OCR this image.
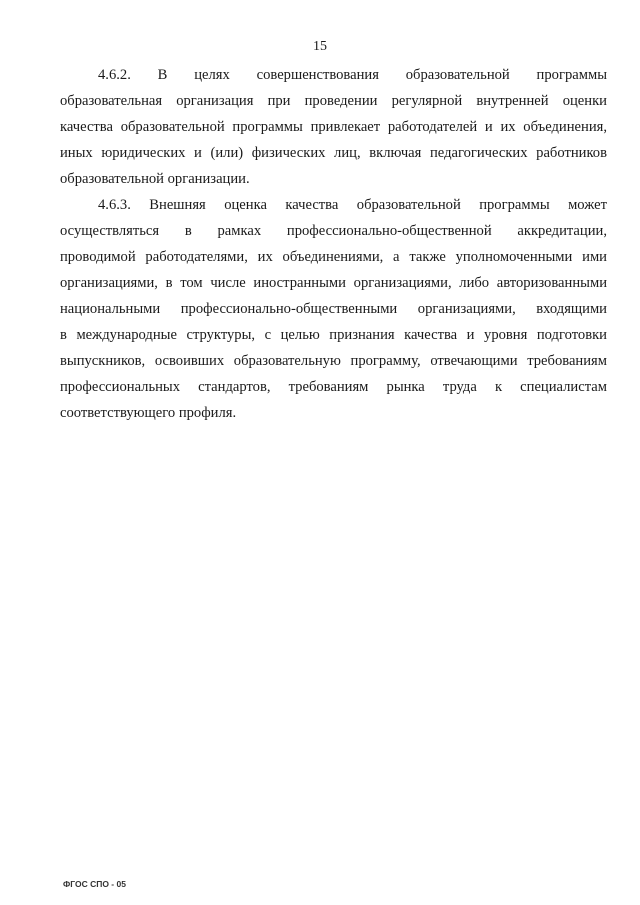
15

4.6.2. В целях совершенствования образовательной программы
образовательная организация при проведении регулярной внутренней оценки
качества образовательной программы привлекает работодателей и их объединения,
иных юридических и (или) физических лиц, включая педагогических работников
образовательной организации.

4.6.3. Внешняя оценка качества образовательной программы может
осуществляться в рамках профессионально-общественной аккредитации,
проводимой работодателями, их объединениями, а также уполномоченными ими
организациями, в том числе иностранными организациями, либо авторизованными
национальными профессионально-общественными организациями, входящими
в международные структуры, с целью признания качества и уровня подготовки
выпускников, освоивших образовательную программу, отвечающими требованиям
профессиональных стандартов, требованиям рынка труда к специалистам
соответствующего профиля.

ФГОС СПО - 05
